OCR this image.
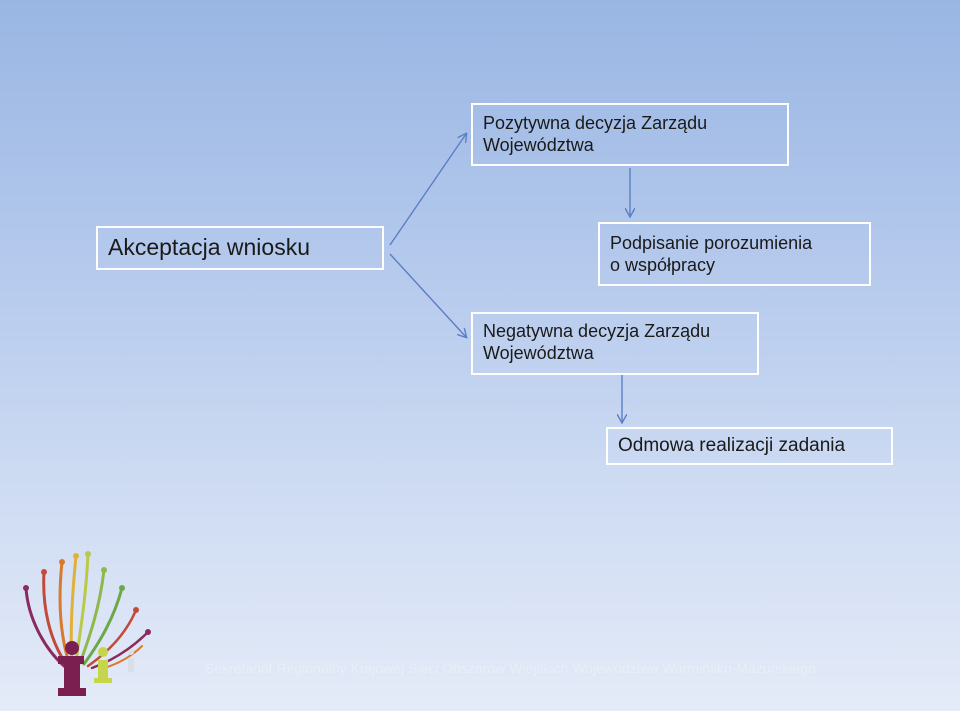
Akceptacja wniosku
Pozytywna decyzja Zarządu
Województwa
Podpisanie porozumienia
o współpracy
Negatywna decyzja Zarządu
Województwa
Odmowa realizacji zadania
Sekretariat Regionalny Krajowej Sieci Obszarów Wiejskich Województwa Warmińsko-Mazurskiego
